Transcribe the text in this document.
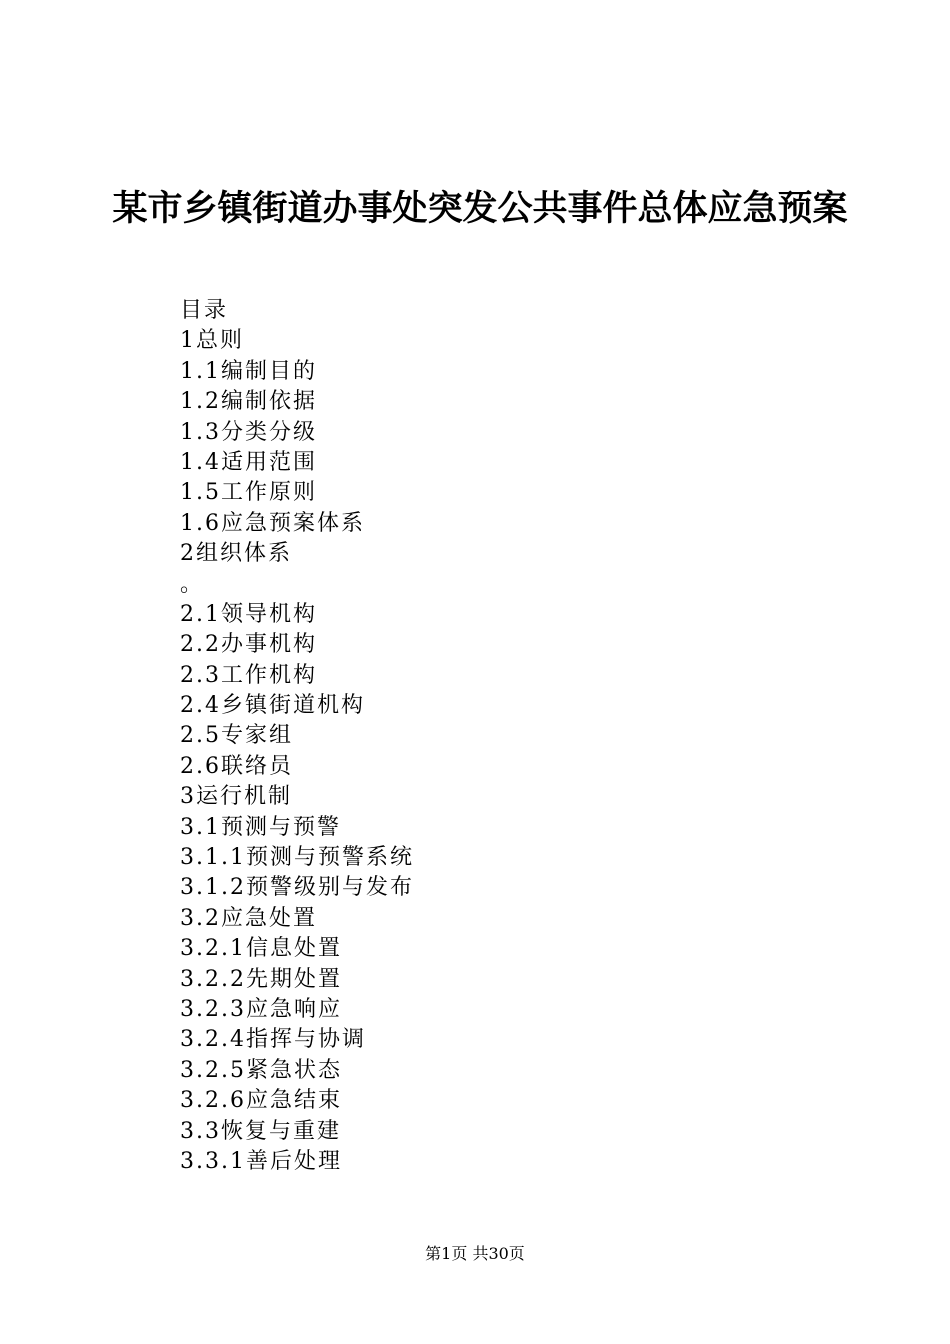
某市乡镇街道办事处突发公共事件总体应急预案
目录
1总则
1.1编制目的
1.2编制依据
1.3分类分级
1.4适用范围
1.5工作原则
1.6应急预案体系
2组织体系
。
2.1领导机构
2.2办事机构
2.3工作机构
2.4乡镇街道机构
2.5专家组
2.6联络员
3运行机制
3.1预测与预警
3.1.1预测与预警系统
3.1.2预警级别与发布
3.2应急处置
3.2.1信息处置
3.2.2先期处置
3.2.3应急响应
3.2.4指挥与协调
3.2.5紧急状态
3.2.6应急结束
3.3恢复与重建
3.3.1善后处理
第1页 共30页
